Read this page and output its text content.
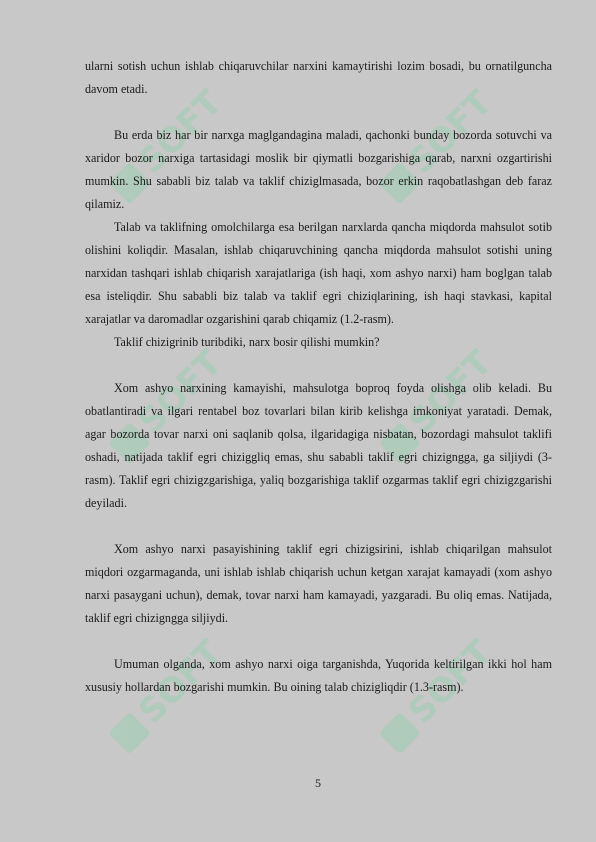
SOFT	SOFT
SOFT	SOFT
SOFT	SOFT

ularni sotish uchun ishlab chiqaruvchilar narxini kamaytirishi lozim bosadi, bu ornatilguncha davom etadi.

Bu erda biz har bir narxga maglgandagina maladi, qachonki bunday bozorda sotuvchi va xaridor bozor narxiga tartasidagi moslik bir qiymatli bozgarishiga qarab, narxni ozgartirishi mumkin. Shu sababli biz talab va taklif chiziglmasada, bozor erkin raqobatlashgan deb faraz qilamiz.

Talab va taklifning omolchilarga esa berilgan narxlarda qancha miqdorda mahsulot sotib olishini koliqdir. Masalan, ishlab chiqaruvchining qancha miqdorda mahsulot sotishi uning narxidan tashqari ishlab chiqarish xarajatlariga (ish haqi, xom ashyo narxi) ham boglgan talab esa isteliqdir. Shu sababli biz talab va taklif egri chiziqlarining, ish haqi stavkasi, kapital xarajatlar va daromadlar ozgarishini qarab chiqamiz (1.2-rasm).

Taklif chizigrinib turibdiki, narx bosir qilishi mumkin?

Xom ashyo narxining kamayishi, mahsulotga boproq foyda olishga olib keladi. Bu obatlantiradi va ilgari rentabel boz tovarlari bilan kirib kelishga imkoniyat yaratadi. Demak, agar bozorda tovar narxi oni saqlanib qolsa, ilgaridagiga nisbatan, bozordagi mahsulot taklifi oshadi, natijada taklif egri chiziggliq emas, shu sababli taklif egri chizigngga, ga siljiydi (3-rasm). Taklif egri chizigzgarishiga, yaliq bozgarishiga taklif ozgarmas taklif egri chizigzgarishi deyiladi.

Xom ashyo narxi pasayishining taklif egri chizigsirini, ishlab chiqarilgan mahsulot miqdori ozgarmaganda, uni ishlab ishlab chiqarish uchun ketgan xarajat kamayadi (xom ashyo narxi pasaygani uchun), demak, tovar narxi ham kamayadi, yazgaradi. Bu oliq emas. Natijada, taklif egri chizigngga siljiydi.

Umuman olganda, xom ashyo narxi oiga targanishda, Yuqorida keltirilgan ikki hol ham xususiy hollardan bozgarishi mumkin. Bu oining talab chizigliqdir (1.3-rasm).

5
